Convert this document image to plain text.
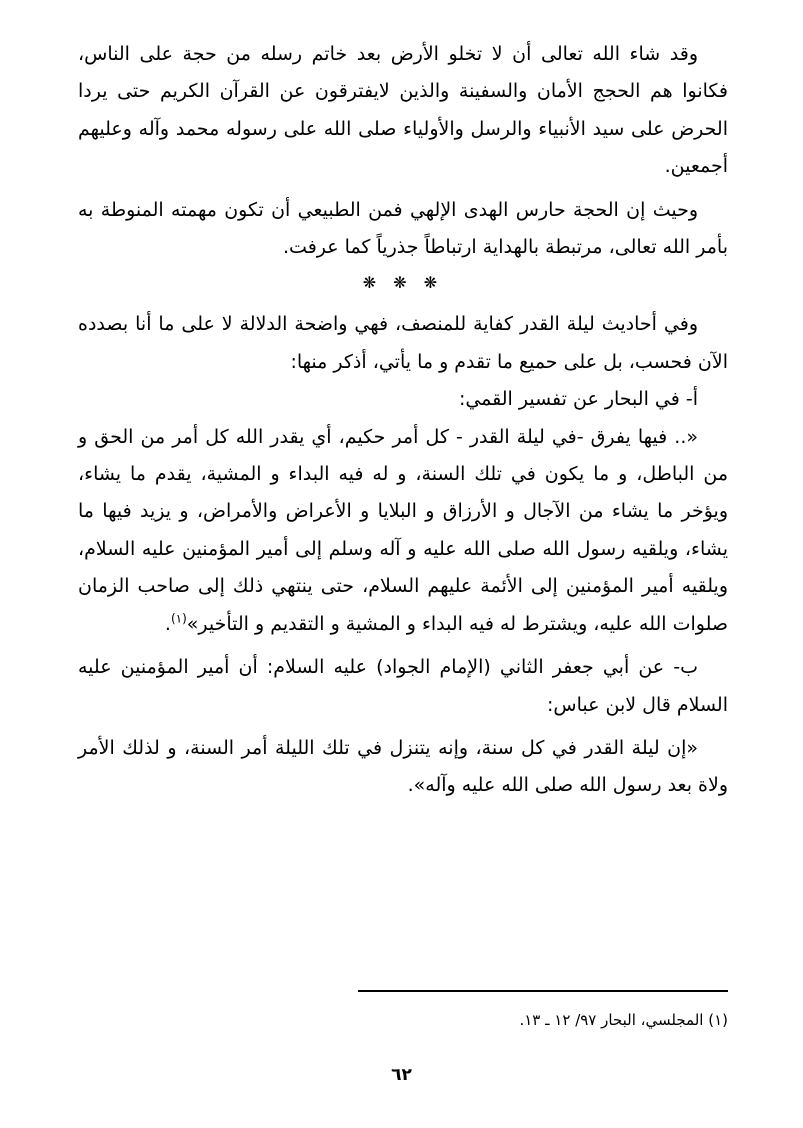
وقد شاء الله تعالى أن لا تخلو الأرض بعد خاتم رسله من حجة على الناس، فكانوا هم الحجج الأمان والسفينة والذين لايفترقون عن القرآن الكريم حتى يردا الحرض على سيد الأنبياء والرسل والأولياء صلى الله على رسوله محمد وآله وعليهم أجمعين.

وحيث إن الحجة حارس الهدى الإلهي فمن الطبيعي أن تكون مهمته المنوطة به بأمر الله تعالى، مرتبطة بالهداية ارتباطاً جذرياً كما عرفت.

❋ ❋ ❋

وفي أحاديث ليلة القدر كفاية للمنصف، فهي واضحة الدلالة لا على ما أنا بصدده الآن فحسب، بل على حميع ما تقدم و ما يأتي، أذكر منها:

أ- في البحار عن تفسير القمي:

«.. فيها يفرق -في ليلة القدر - كل أمر حكيم، أي يقدر الله كل أمر من الحق و من الباطل، و ما يكون في تلك السنة، و له فيه البداء و المشية، يقدم ما يشاء، ويؤخر ما يشاء من الآجال و الأرزاق و البلايا و الأعراض والأمراض، و يزيد فيها ما يشاء، ويلقيه رسول الله صلى الله عليه و آله وسلم إلى أمير المؤمنين عليه السلام، ويلقيه أمير المؤمنين إلى الأئمة عليهم السلام، حتى ينتهي ذلك إلى صاحب الزمان صلوات الله عليه، ويشترط له فيه البداء و المشية و التقديم و التأخير»$^{(١)}$.

ب- عن أبي جعفر الثاني (الإمام الجواد) عليه السلام: أن أمير المؤمنين عليه السلام قال لابن عباس:

«إن ليلة القدر في كل سنة، وإنه يتنزل في تلك الليلة أمر السنة، و لذلك الأمر ولاة بعد رسول الله صلى الله عليه وآله».

(١) المجلسي، البحار ٩٧/ ١٢ ـ ١٣.
٦٢
